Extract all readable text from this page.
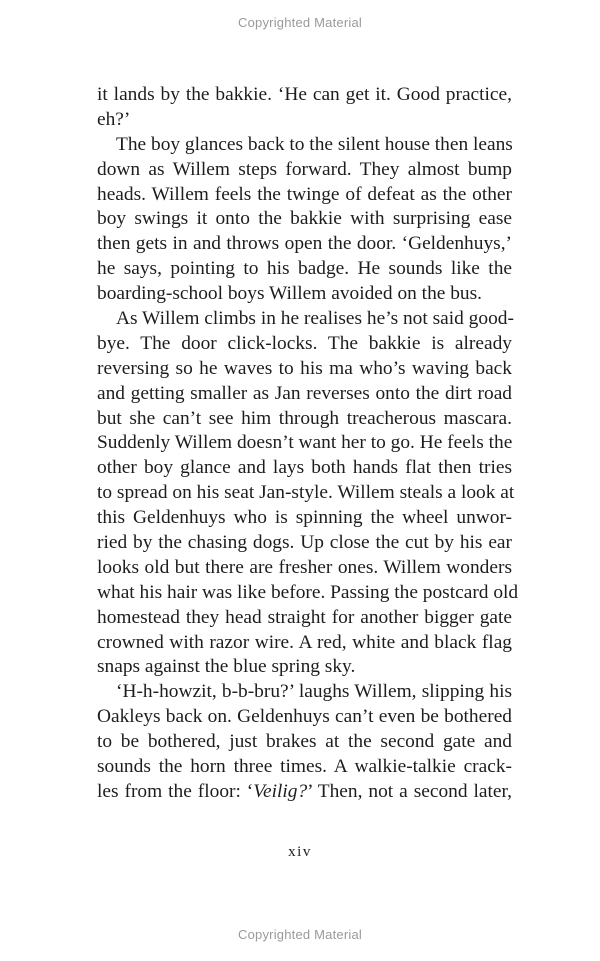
Copyrighted Material
it lands by the bakkie. ‘He can get it. Good practice,
eh?’
The boy glances back to the silent house then leans
down as Willem steps forward. They almost bump
heads. Willem feels the twinge of defeat as the other
boy swings it onto the bakkie with surprising ease
then gets in and throws open the door. ‘Geldenhuys,’
he says, pointing to his badge. He sounds like the
boarding-school boys Willem avoided on the bus.
As Willem climbs in he realises he’s not said good-
bye. The door click-locks. The bakkie is already
reversing so he waves to his ma who’s waving back
and getting smaller as Jan reverses onto the dirt road
but she can’t see him through treacherous mascara.
Suddenly Willem doesn’t want her to go. He feels the
other boy glance and lays both hands flat then tries
to spread on his seat Jan-style. Willem steals a look at
this Geldenhuys who is spinning the wheel unwor-
ried by the chasing dogs. Up close the cut by his ear
looks old but there are fresher ones. Willem wonders
what his hair was like before. Passing the postcard old
homestead they head straight for another bigger gate
crowned with razor wire. A red, white and black flag
snaps against the blue spring sky.
‘H-h-howzit, b-b-bru?’ laughs Willem, slipping his
Oakleys back on. Geldenhuys can’t even be bothered
to be bothered, just brakes at the second gate and
sounds the horn three times. A walkie-talkie crack-
les from the floor: ‘Veilig?’ Then, not a second later,
xiv
Copyrighted Material
